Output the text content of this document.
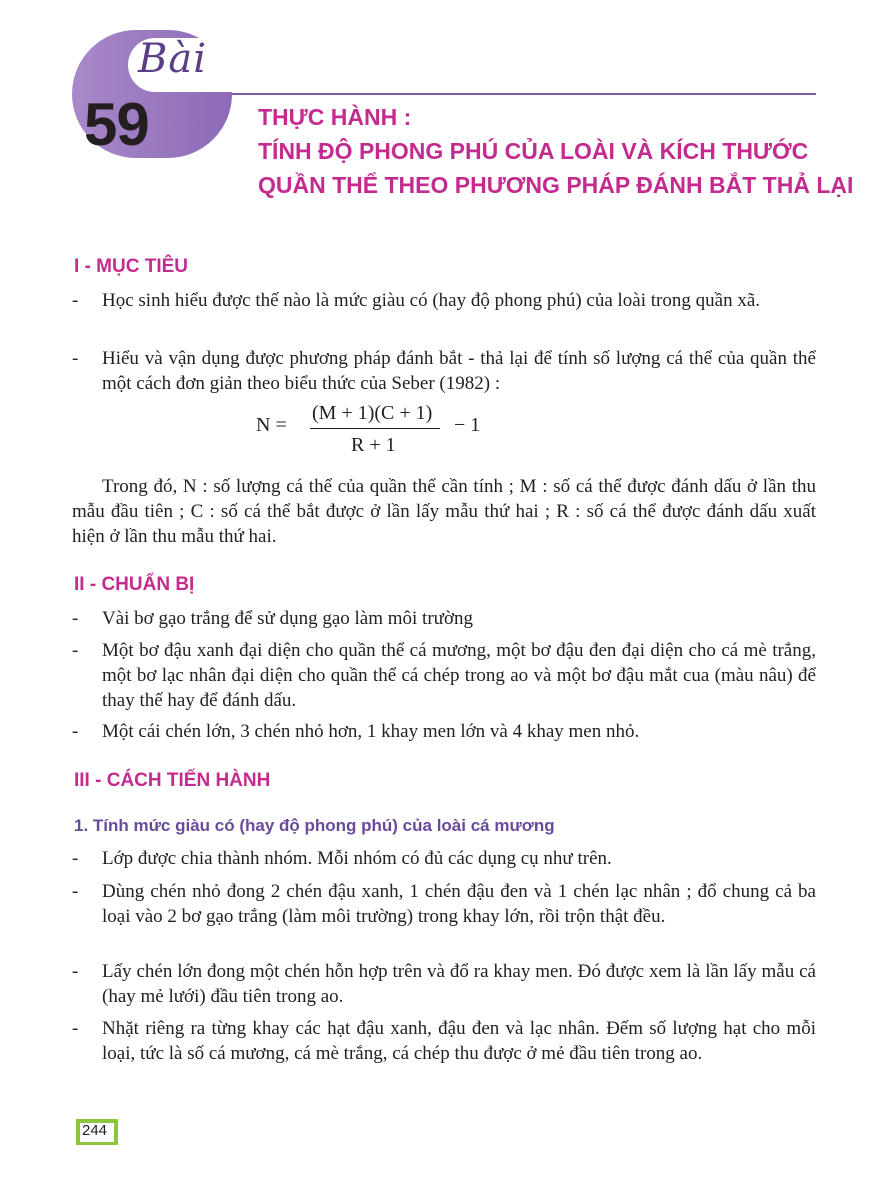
Bài
59	THỰC HÀNH :
TÍNH ĐỘ PHONG PHÚ CỦA LOÀI VÀ KÍCH THƯỚC
QUẦN THỂ THEO PHƯƠNG PHÁP ĐÁNH BẮT THẢ LẠI
I - MỤC TIÊU
- Học sinh hiểu được thế nào là mức giàu có (hay độ phong phú) của loài trong quần xã.
- Hiểu và vận dụng được phương pháp đánh bắt - thả lại để tính số lượng cá thể của quần thể một cách đơn giản theo biểu thức của Seber (1982) :
N =
(M + 1)(C + 1)
R + 1
− 1
Trong đó, N : số lượng cá thể của quần thể cần tính ; M : số cá thể được đánh dấu ở lần thu mẫu đầu tiên ; C : số cá thể bắt được ở lần lấy mẫu thứ hai ; R : số cá thể được đánh dấu xuất hiện ở lần thu mẫu thứ hai.
II - CHUẨN BỊ
- Vài bơ gạo trắng để sử dụng gạo làm môi trường
- Một bơ đậu xanh đại diện cho quần thể cá mương, một bơ đậu đen đại diện cho cá mè trắng, một bơ lạc nhân đại diện cho quần thể cá chép trong ao và một bơ đậu mắt cua (màu nâu) để thay thế hay để đánh dấu.
- Một cái chén lớn, 3 chén nhỏ hơn, 1 khay men lớn và 4 khay men nhỏ.
III - CÁCH TIẾN HÀNH
1. Tính mức giàu có (hay độ phong phú) của loài cá mương
- Lớp được chia thành nhóm. Mỗi nhóm có đủ các dụng cụ như trên.
- Dùng chén nhỏ đong 2 chén đậu xanh, 1 chén đậu đen và 1 chén lạc nhân ; đổ chung cả ba loại vào 2 bơ gạo trắng (làm môi trường) trong khay lớn, rồi trộn thật đều.
- Lấy chén lớn đong một chén hỗn hợp trên và đổ ra khay men. Đó được xem là lần lấy mẫu cá (hay mẻ lưới) đầu tiên trong ao.
- Nhặt riêng ra từng khay các hạt đậu xanh, đậu đen và lạc nhân. Đếm số lượng hạt cho mỗi loại, tức là số cá mương, cá mè trắng, cá chép thu được ở mẻ đầu tiên trong ao.
244
